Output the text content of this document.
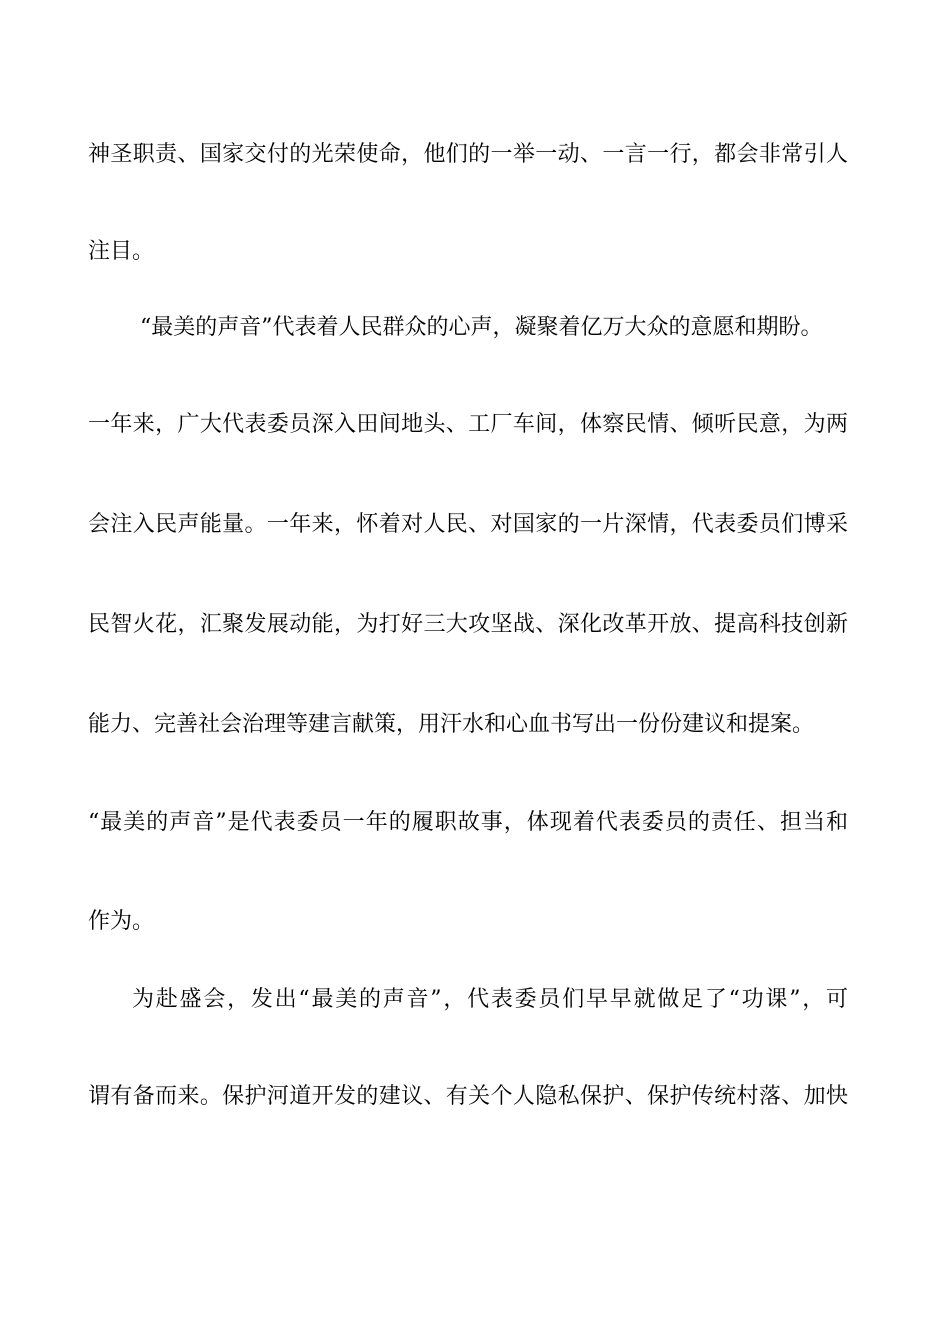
神圣职责、国家交付的光荣使命，他们的一举一动、一言一行，都会非常引人
注目。
“最美的声音”代表着人民群众的心声，凝聚着亿万大众的意愿和期盼。
一年来，广大代表委员深入田间地头、工厂车间，体察民情、倾听民意，为两
会注入民声能量。一年来，怀着对人民、对国家的一片深情，代表委员们博采
民智火花，汇聚发展动能，为打好三大攻坚战、深化改革开放、提高科技创新
能力、完善社会治理等建言献策，用汗水和心血书写出一份份建议和提案。
“最美的声音”是代表委员一年的履职故事，体现着代表委员的责任、担当和
作为。
为赴盛会，发出“最美的声音”，代表委员们早早就做足了“功课”，可
谓有备而来。保护河道开发的建议、有关个人隐私保护、保护传统村落、加快
